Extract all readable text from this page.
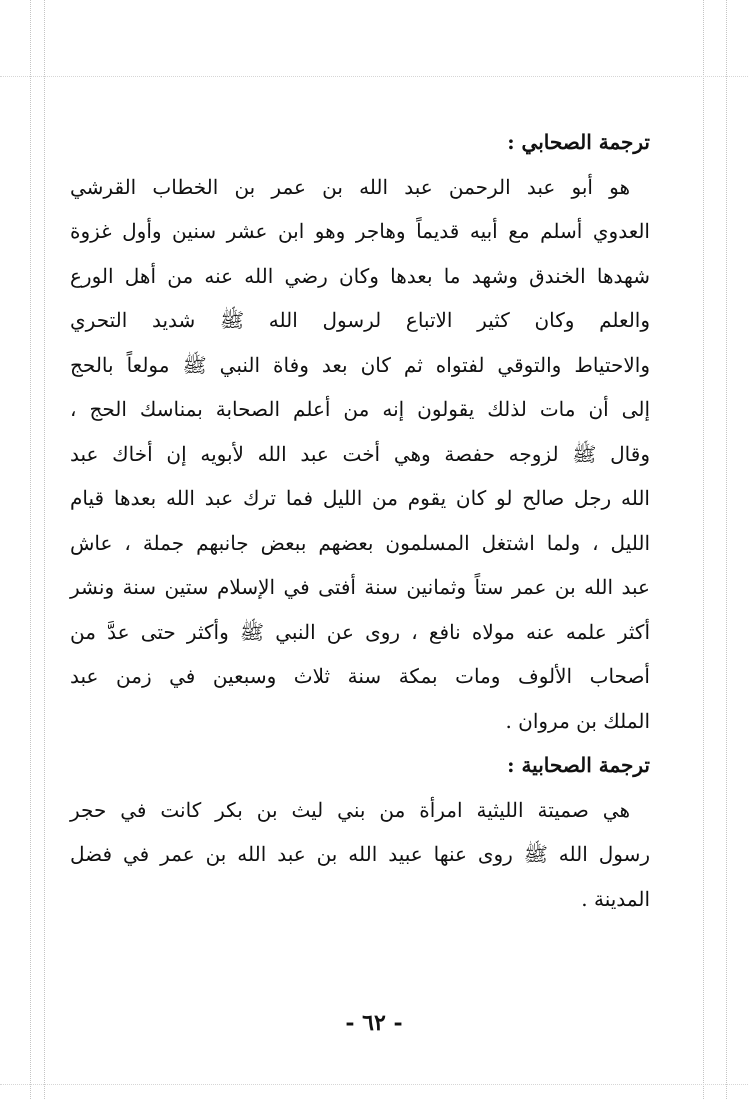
ترجمة الصحابي :
هو أبو عبد الرحمن عبد الله بن عمر بن الخطاب القرشي
العدوي أسلم مع أبيه قديماً وهاجر وهو ابن عشر سنين وأول غزوة
شهدها الخندق وشهد ما بعدها وكان رضي الله عنه من أهل الورع
والعلم وكان كثير الاتباع لرسول الله ﷺ شديد التحري
والاحتياط والتوقي لفتواه ثم كان بعد وفاة النبي ﷺ مولعاً بالحج
إلى أن مات لذلك يقولون إنه من أعلم الصحابة بمناسك الحج ،
وقال ﷺ لزوجه حفصة وهي أخت عبد الله لأبويه إن أخاك عبد
الله رجل صالح لو كان يقوم من الليل فما ترك عبد الله بعدها قيام
الليل ، ولما اشتغل المسلمون بعضهم ببعض جانبهم جملة ، عاش
عبد الله بن عمر ستاً وثمانين سنة أفتى في الإسلام ستين سنة ونشر
أكثر علمه عنه مولاه نافع ، روى عن النبي ﷺ وأكثر حتى عدَّ من
أصحاب الألوف ومات بمكة سنة ثلاث وسبعين في زمن عبد
الملك بن مروان .
ترجمة الصحابية :
هي صميتة الليثية امرأة من بني ليث بن بكر كانت في حجر
رسول الله ﷺ روى عنها عبيد الله بن عبد الله بن عمر في فضل
المدينة .
- ٦٢ -
